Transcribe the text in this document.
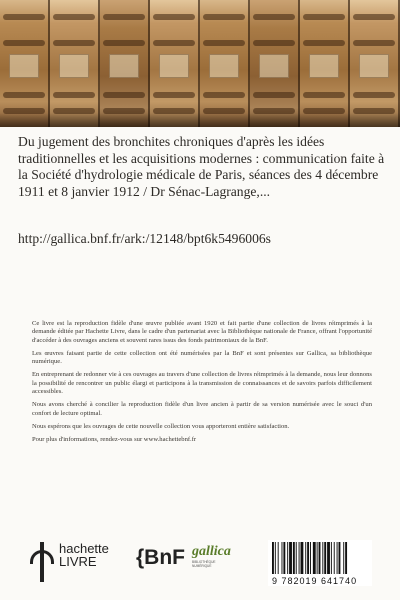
Du jugement des bronchites chroniques d'après les idées traditionnelles et les acquisitions modernes : communication faite à la Société d'hydrologie médicale de Paris, séances des 4 décembre 1911 et 8 janvier 1912 / Dr Sénac-Lagrange,...
http://gallica.bnf.fr/ark:/12148/bpt6k5496006s

Ce livre est la reproduction fidèle d'une œuvre publiée avant 1920 et fait partie d'une collection de livres réimprimés à la demande éditée par Hachette Livre, dans le cadre d'un partenariat avec la Bibliothèque nationale de France, offrant l'opportunité d'accéder à des ouvrages anciens et souvent rares issus des fonds patrimoniaux de la BnF.

Les œuvres faisant partie de cette collection ont été numérisées par la BnF et sont présentes sur Gallica, sa bibliothèque numérique.

En entreprenant de redonner vie à ces ouvrages au travers d'une collection de livres réimprimés à la demande, nous leur donnons la possibilité de rencontrer un public élargi et participons à la transmission de connaissances et de savoirs parfois difficilement accessibles.

Nous avons cherché à concilier la reproduction fidèle d'un livre ancien à partir de sa version numérisée avec le souci d'un confort de lecture optimal.

Nous espérons que les ouvrages de cette nouvelle collection vous apporteront entière satisfaction.

Pour plus d'informations, rendez-vous sur www.hachettebnf.fr

hachette
LIVRE	{BnF gallica
BIBLIOTHÈQUE NUMÉRIQUE
9 782019 641740
